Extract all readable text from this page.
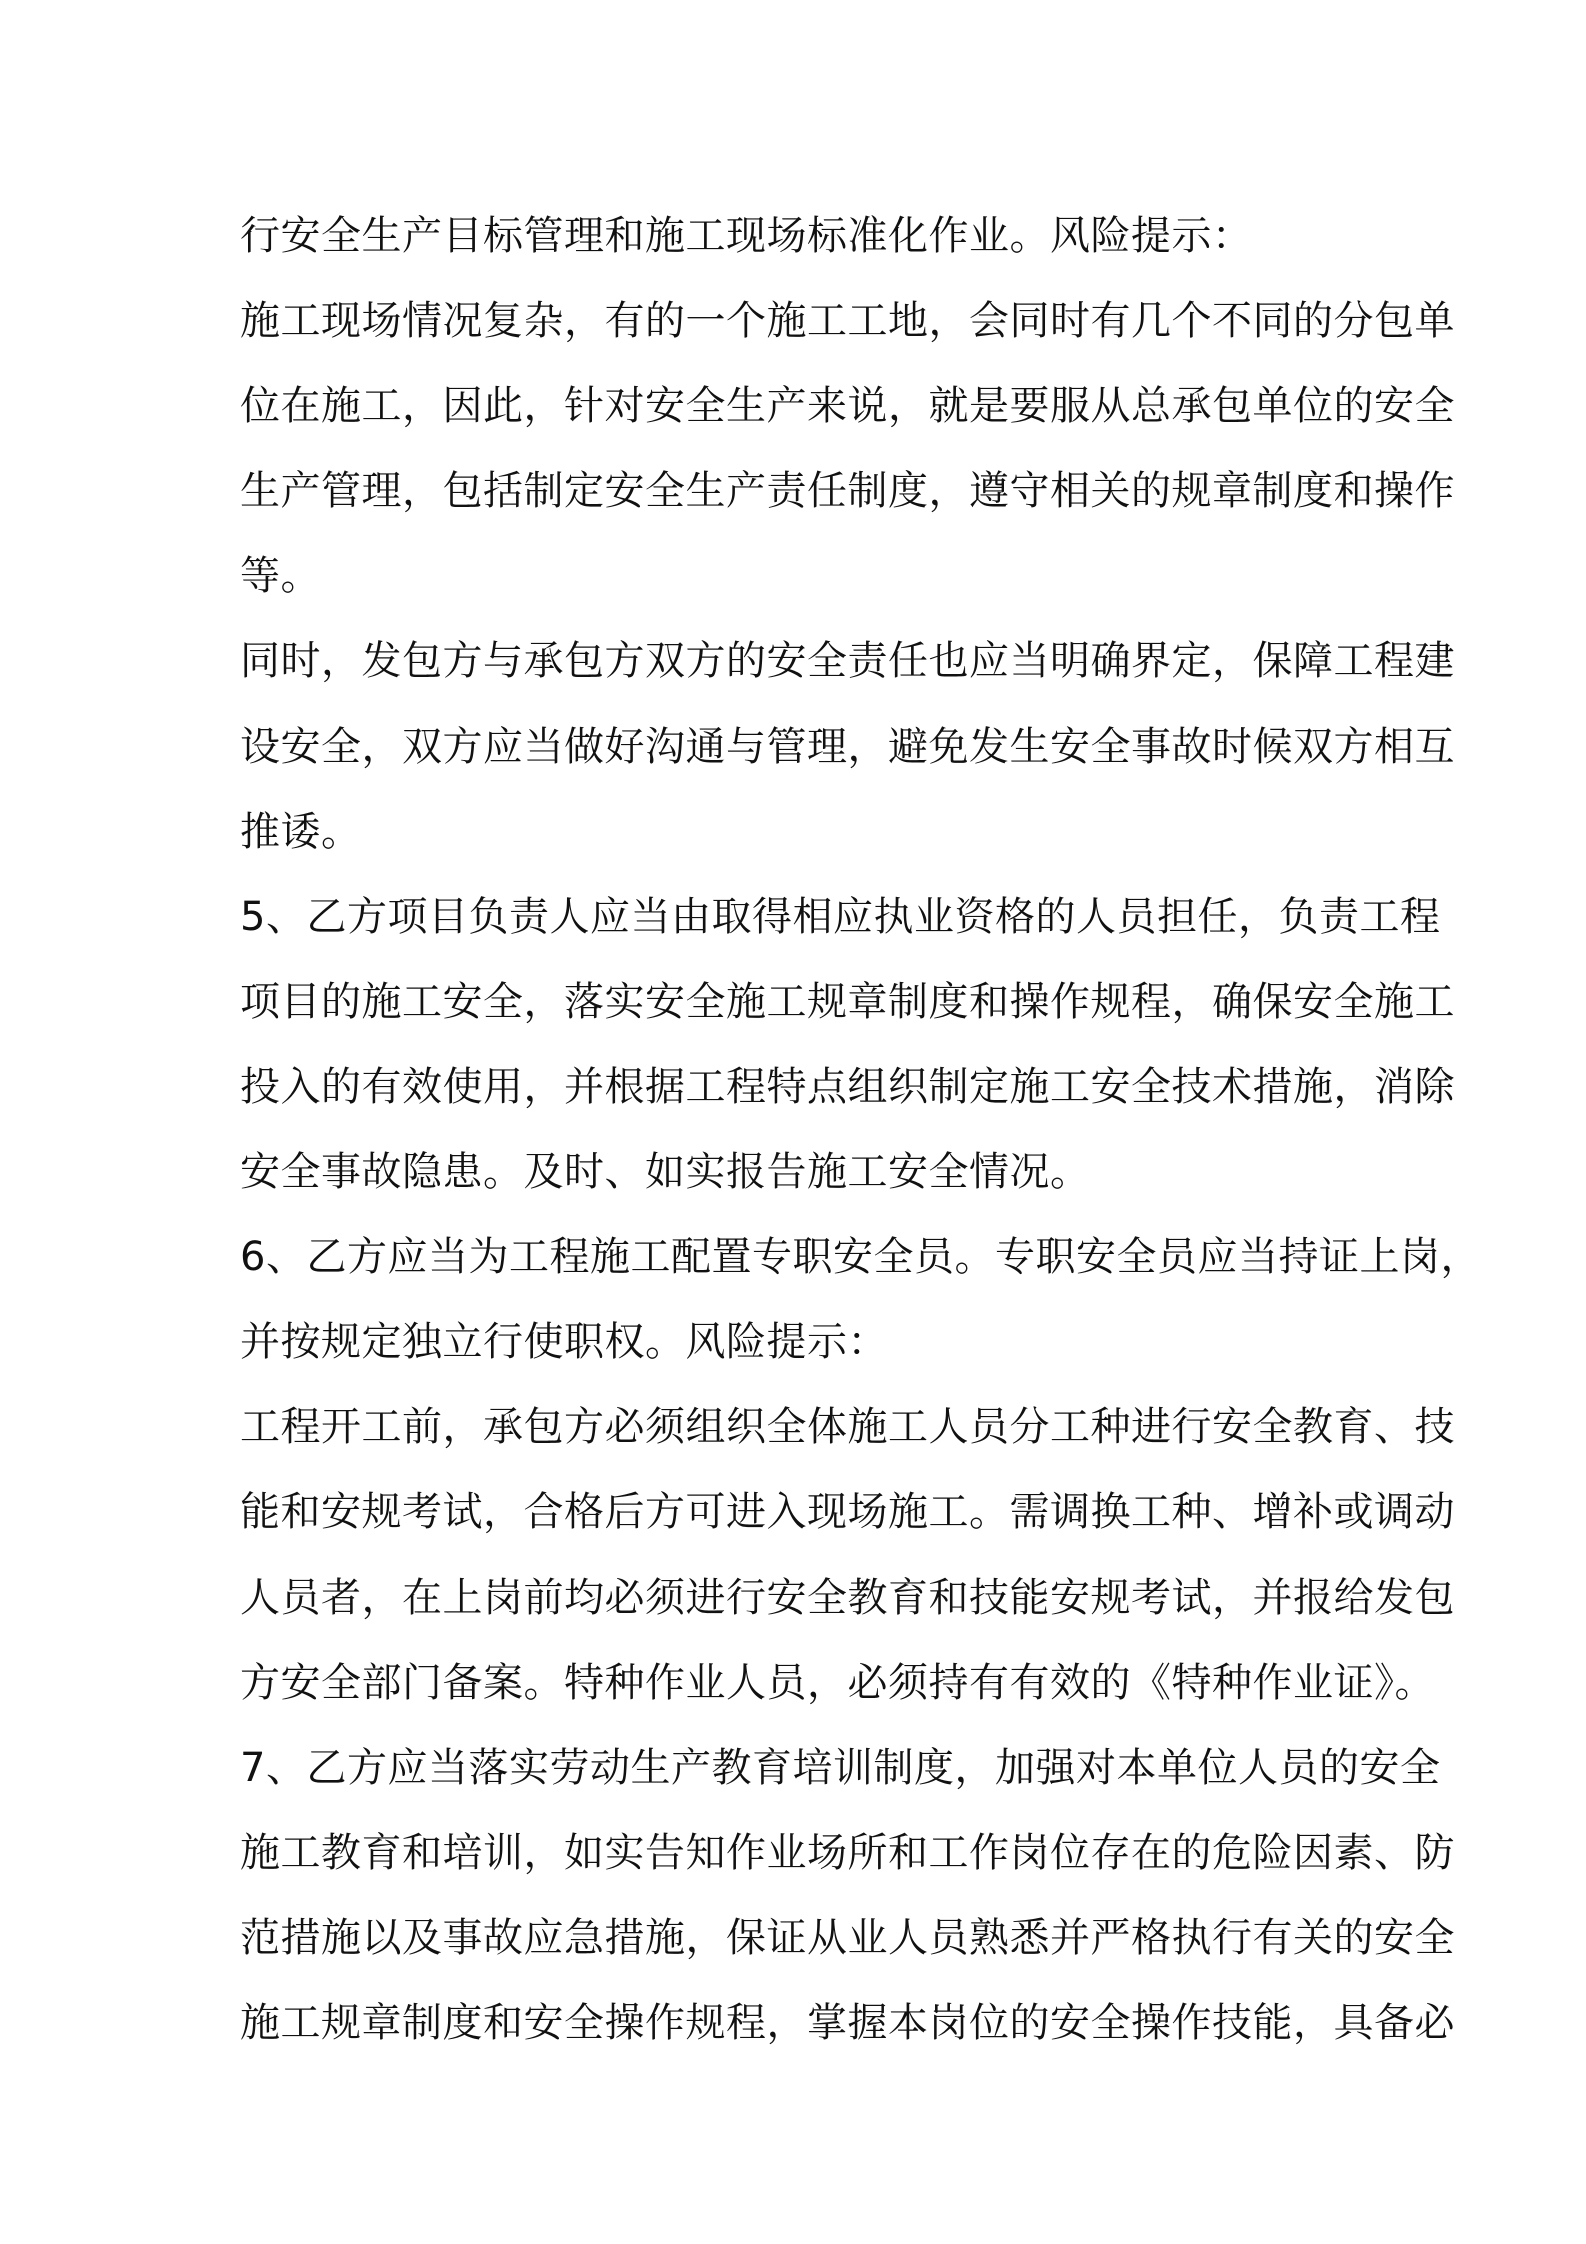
行安全生产目标管理和施工现场标准化作业。风险提示：
施工现场情况复杂，有的一个施工工地，会同时有几个不同的分包单
位在施工，因此，针对安全生产来说，就是要服从总承包单位的安全
生产管理，包括制定安全生产责任制度，遵守相关的规章制度和操作
等。
同时，发包方与承包方双方的安全责任也应当明确界定，保障工程建
设安全，双方应当做好沟通与管理，避免发生安全事故时候双方相互
推诿。
5、乙方项目负责人应当由取得相应执业资格的人员担任，负责工程
项目的施工安全，落实安全施工规章制度和操作规程，确保安全施工
投入的有效使用，并根据工程特点组织制定施工安全技术措施，消除
安全事故隐患。及时、如实报告施工安全情况。
6、乙方应当为工程施工配置专职安全员。专职安全员应当持证上岗，
并按规定独立行使职权。风险提示：
工程开工前，承包方必须组织全体施工人员分工种进行安全教育、技
能和安规考试，合格后方可进入现场施工。需调换工种、增补或调动
人员者，在上岗前均必须进行安全教育和技能安规考试，并报给发包
方安全部门备案。特种作业人员，必须持有有效的《特种作业证》。
7、乙方应当落实劳动生产教育培训制度，加强对本单位人员的安全
施工教育和培训，如实告知作业场所和工作岗位存在的危险因素、防
范措施以及事故应急措施，保证从业人员熟悉并严格执行有关的安全
施工规章制度和安全操作规程，掌握本岗位的安全操作技能，具备必
